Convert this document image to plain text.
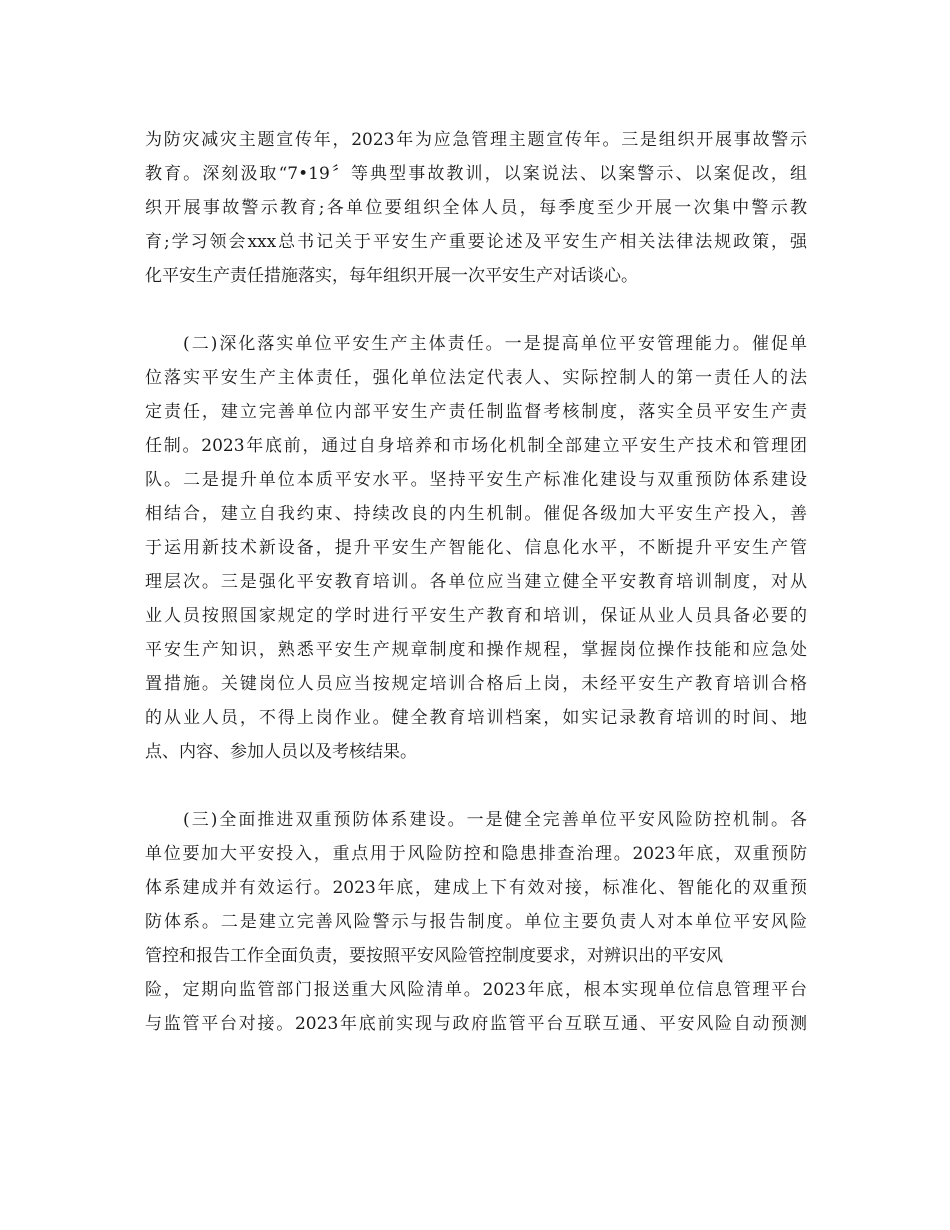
为防灾减灾主题宣传年，2023年为应急管理主题宣传年。三是组织开展事故警示
教育。深刻汲取“7•19〞等典型事故教训，以案说法、以案警示、以案促改，组
织开展事故警示教育;各单位要组织全体人员，每季度至少开展一次集中警示教
育;学习领会xxx总书记关于平安生产重要论述及平安生产相关法律法规政策，强
化平安生产责任措施落实，每年组织开展一次平安生产对话谈心。
　　(二)深化落实单位平安生产主体责任。一是提高单位平安管理能力。催促单
位落实平安生产主体责任，强化单位法定代表人、实际控制人的第一责任人的法
定责任，建立完善单位内部平安生产责任制监督考核制度，落实全员平安生产责
任制。2023年底前，通过自身培养和市场化机制全部建立平安生产技术和管理团
队。二是提升单位本质平安水平。坚持平安生产标准化建设与双重预防体系建设
相结合，建立自我约束、持续改良的内生机制。催促各级加大平安生产投入，善
于运用新技术新设备，提升平安生产智能化、信息化水平，不断提升平安生产管
理层次。三是强化平安教育培训。各单位应当建立健全平安教育培训制度，对从
业人员按照国家规定的学时进行平安生产教育和培训，保证从业人员具备必要的
平安生产知识，熟悉平安生产规章制度和操作规程，掌握岗位操作技能和应急处
置措施。关键岗位人员应当按规定培训合格后上岗，未经平安生产教育培训合格
的从业人员，不得上岗作业。健全教育培训档案，如实记录教育培训的时间、地
点、内容、参加人员以及考核结果。
　　(三)全面推进双重预防体系建设。一是健全完善单位平安风险防控机制。各
单位要加大平安投入，重点用于风险防控和隐患排查治理。2023年底，双重预防
体系建成并有效运行。2023年底，建成上下有效对接，标准化、智能化的双重预
防体系。二是建立完善风险警示与报告制度。单位主要负责人对本单位平安风险
管控和报告工作全面负责，要按照平安风险管控制度要求，对辨识出的平安风
险，定期向监管部门报送重大风险清单。2023年底，根本实现单位信息管理平台
与监管平台对接。2023年底前实现与政府监管平台互联互通、平安风险自动预测
